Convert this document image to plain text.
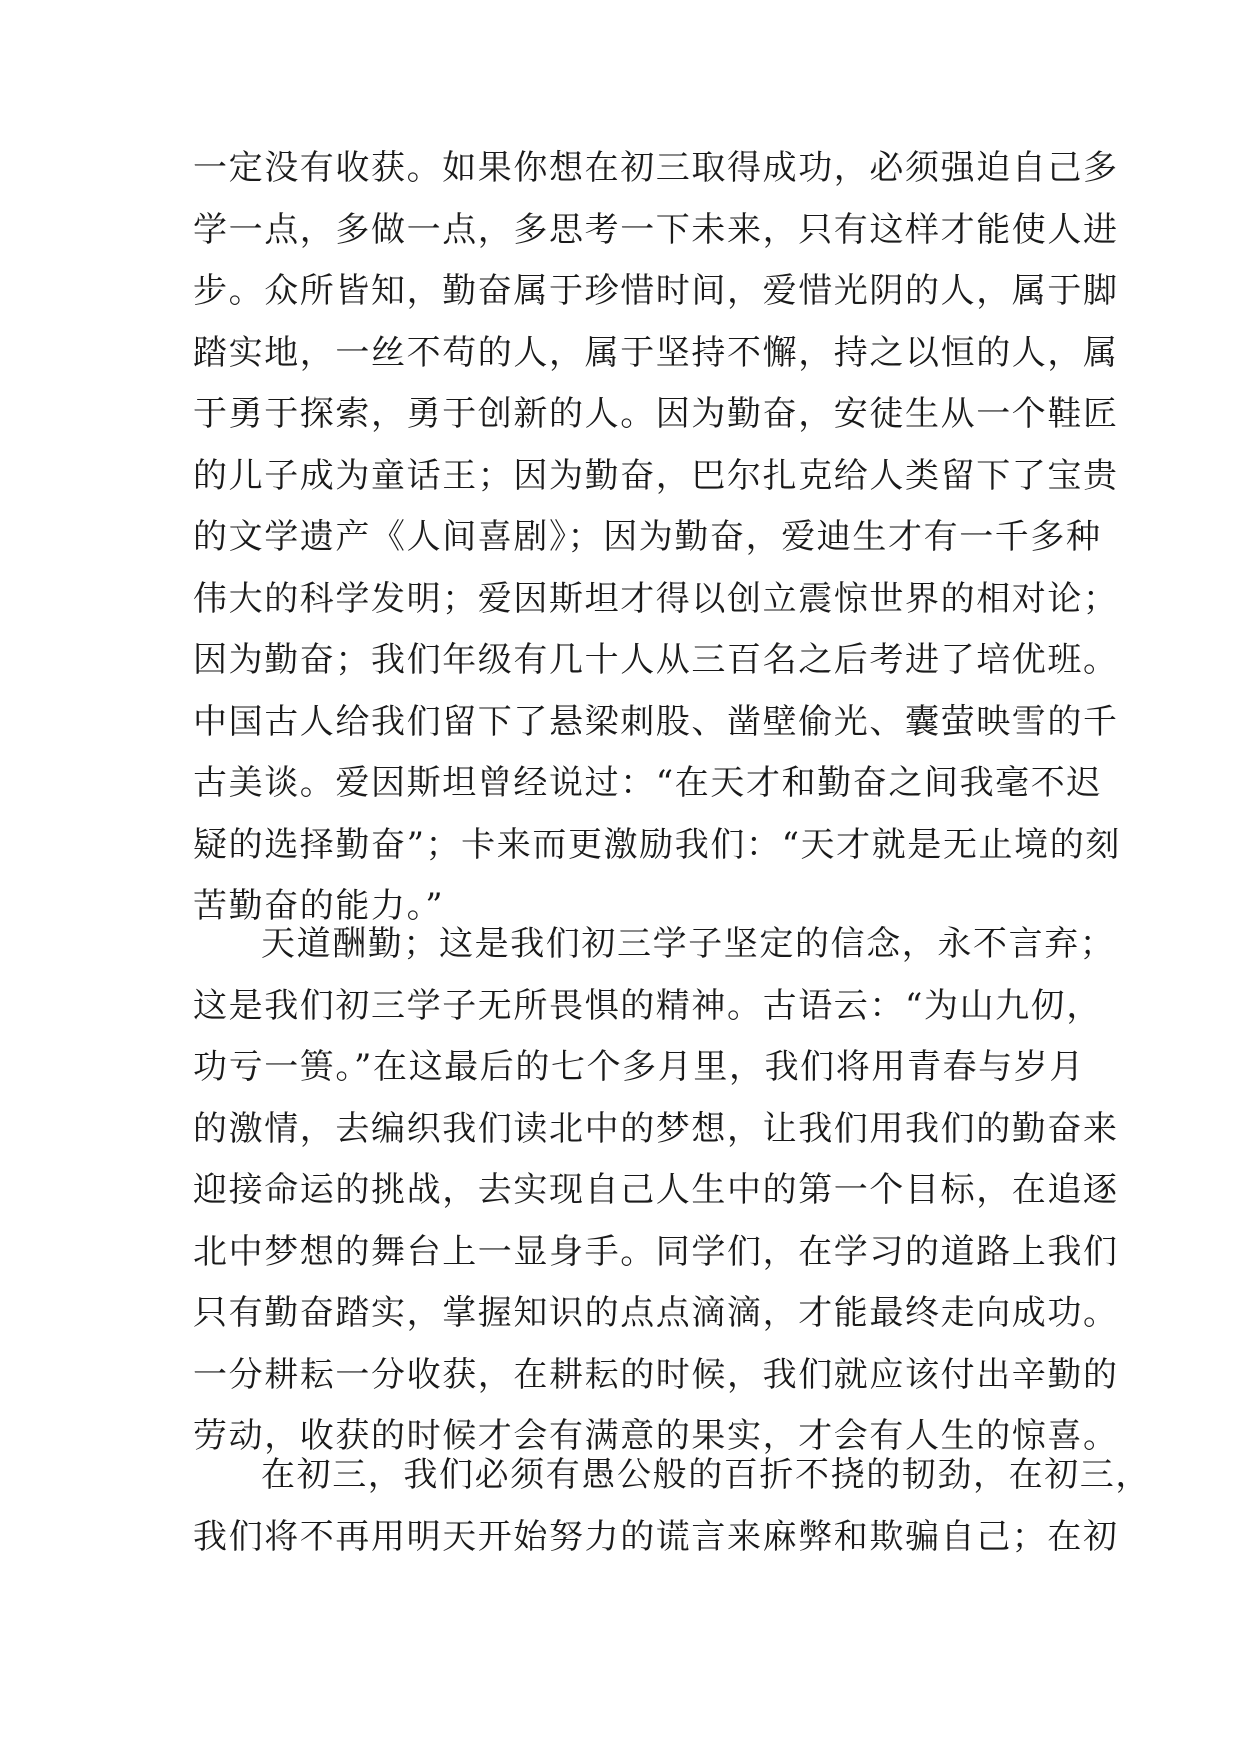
一定没有收获。如果你想在初三取得成功，必须强迫自己多
学一点，多做一点，多思考一下未来，只有这样才能使人进
步。众所皆知，勤奋属于珍惜时间，爱惜光阴的人，属于脚
踏实地，一丝不苟的人，属于坚持不懈，持之以恒的人，属
于勇于探索，勇于创新的人。因为勤奋，安徒生从一个鞋匠
的儿子成为童话王；因为勤奋，巴尔扎克给人类留下了宝贵
的文学遗产《人间喜剧》；因为勤奋，爱迪生才有一千多种
伟大的科学发明；爱因斯坦才得以创立震惊世界的相对论；
因为勤奋；我们年级有几十人从三百名之后考进了培优班。
中国古人给我们留下了悬梁刺股、凿壁偷光、囊萤映雪的千
古美谈。爱因斯坦曾经说过：“在天才和勤奋之间我毫不迟
疑的选择勤奋”；卡来而更激励我们：“天才就是无止境的刻
苦勤奋的能力。”
天道酬勤；这是我们初三学子坚定的信念，永不言弃；
这是我们初三学子无所畏惧的精神。古语云：“为山九仞，
功亏一篑。”在这最后的七个多月里，我们将用青春与岁月
的激情，去编织我们读北中的梦想，让我们用我们的勤奋来
迎接命运的挑战，去实现自己人生中的第一个目标，在追逐
北中梦想的舞台上一显身手。同学们，在学习的道路上我们
只有勤奋踏实，掌握知识的点点滴滴，才能最终走向成功。
一分耕耘一分收获，在耕耘的时候，我们就应该付出辛勤的
劳动，收获的时候才会有满意的果实，才会有人生的惊喜。
在初三，我们必须有愚公般的百折不挠的韧劲，在初三，
我们将不再用明天开始努力的谎言来麻弊和欺骗自己；在初
